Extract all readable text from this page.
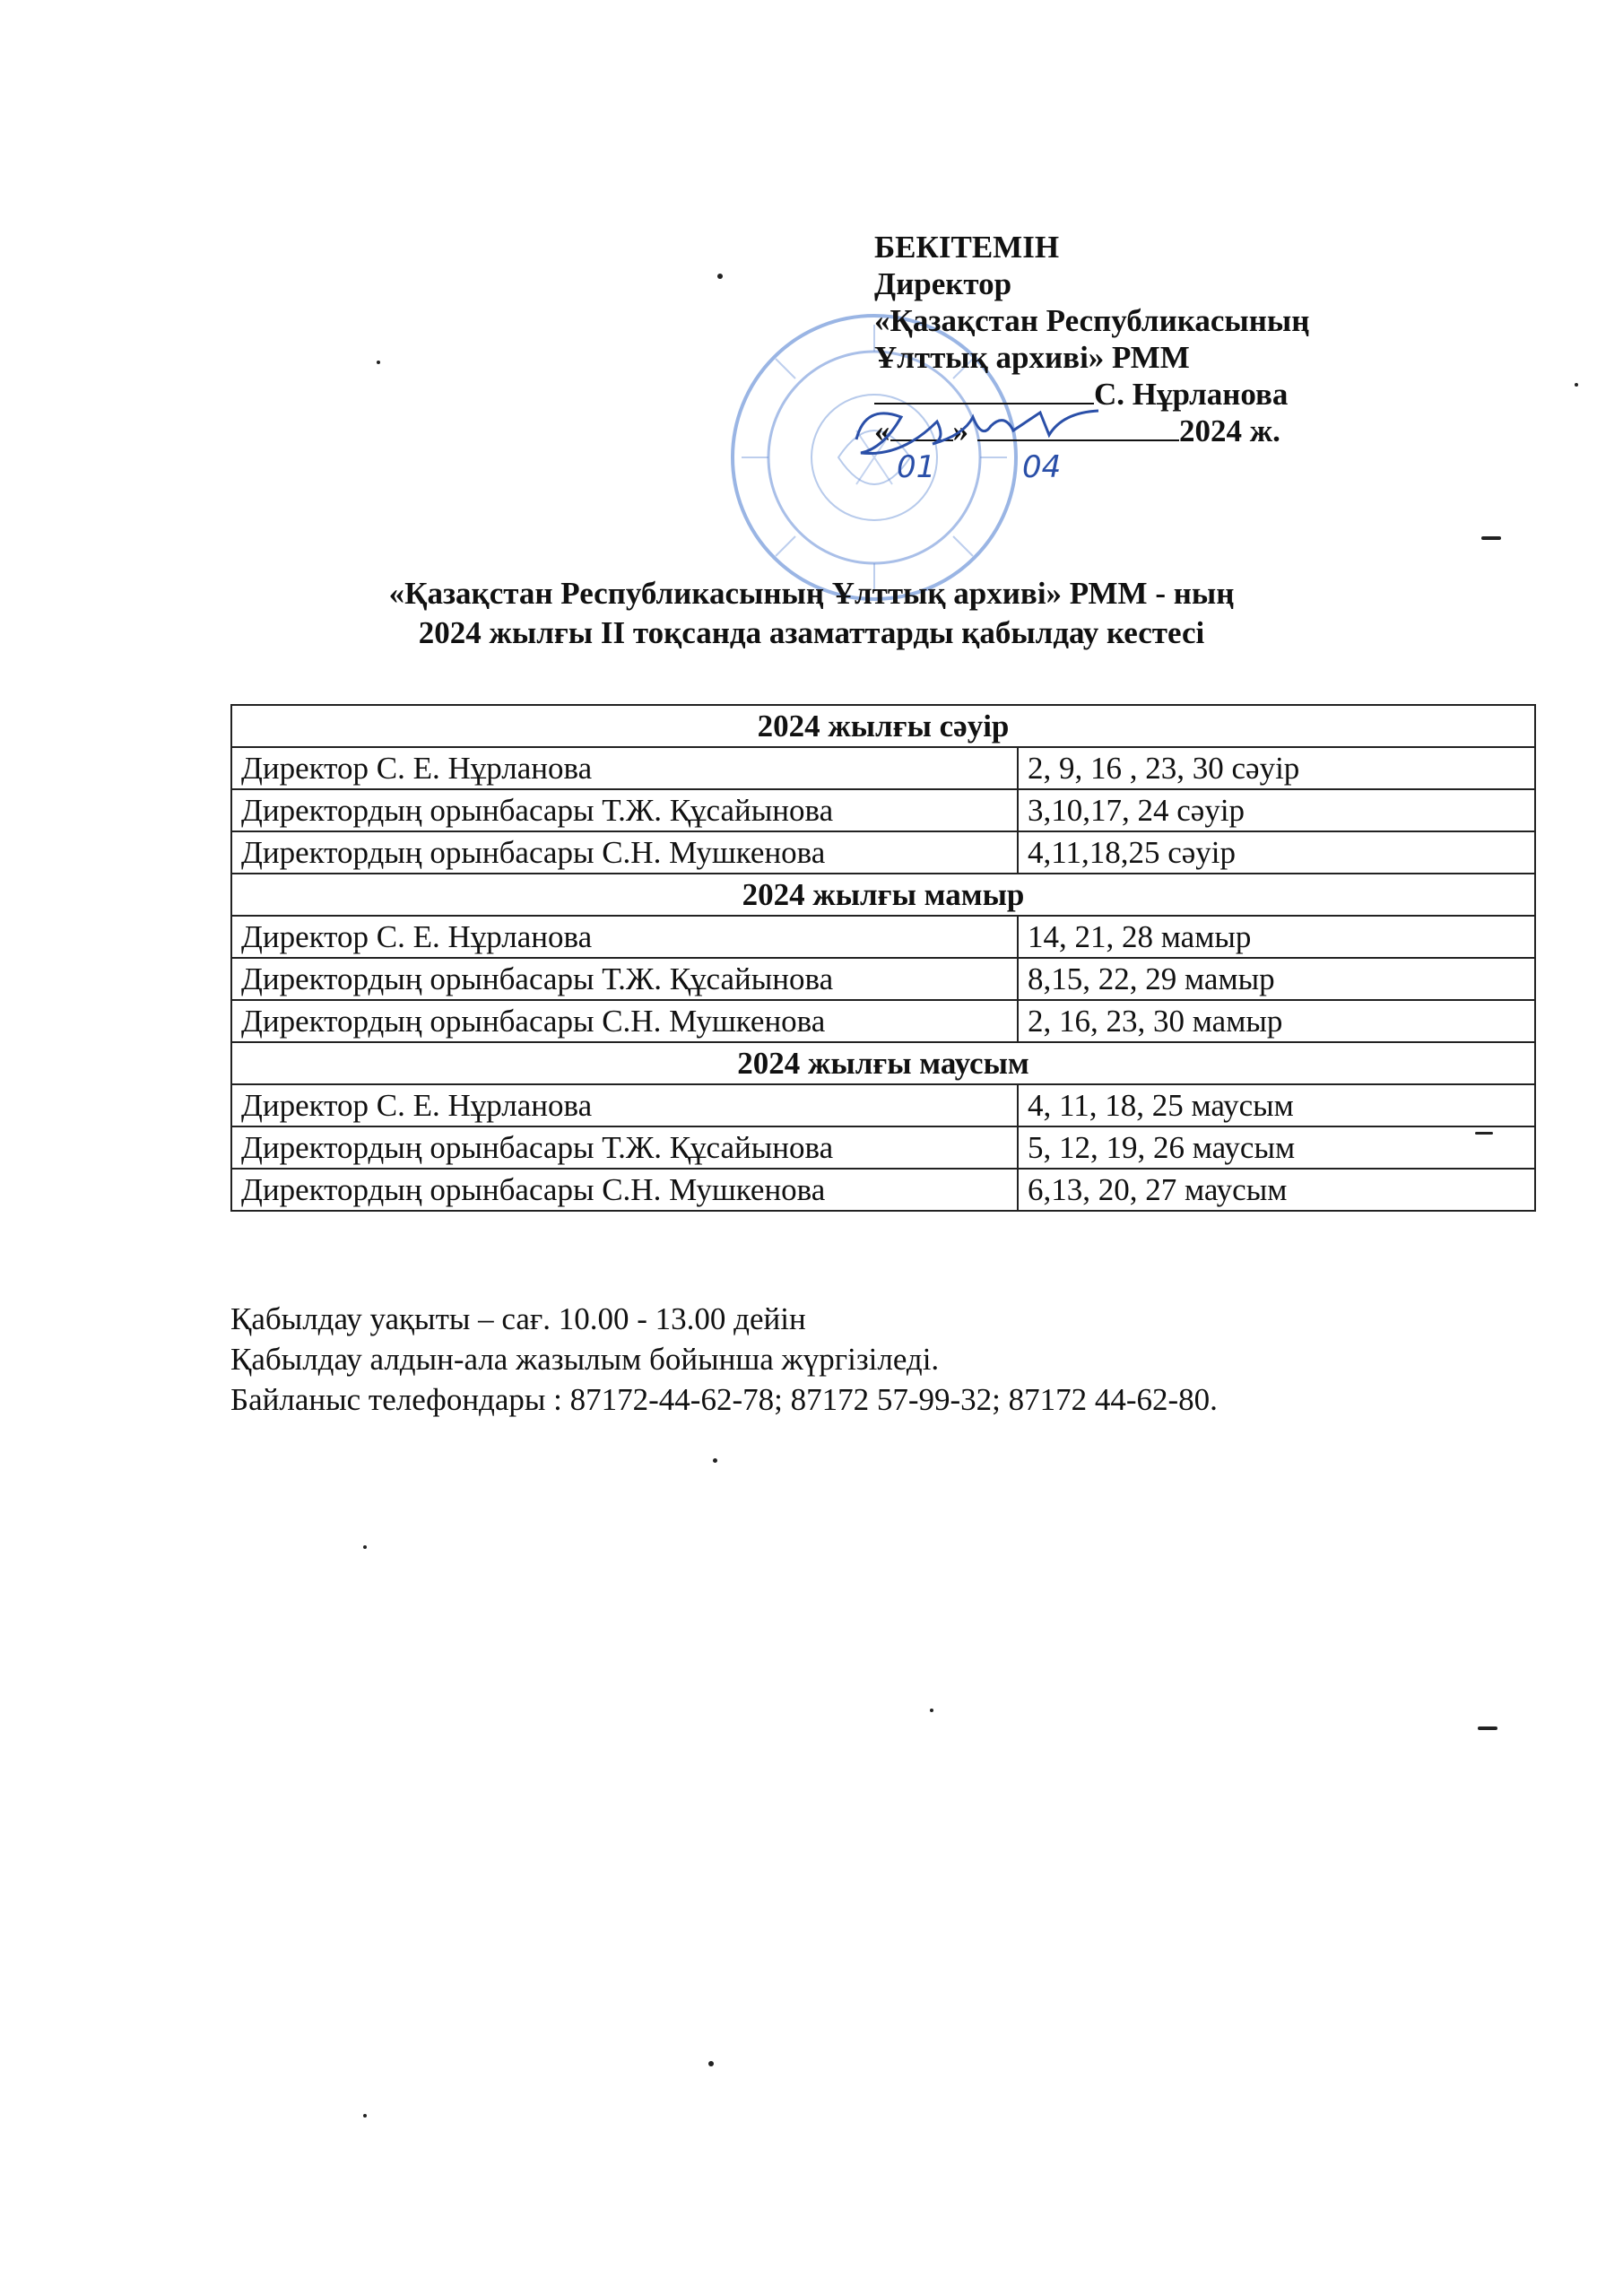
БЕКІТЕМІН
Директор
«Қазақстан Республикасының
Ұлттық архиві» РММ
С. Нұрланова
« »	2024 ж.
01	04
«Қазақстан Республикасының Ұлттық архиві» РММ - ның
2024 жылғы II тоқсанда азаматтарды қабылдау кестесі
2024 жылғы сәуір	
Директор С. Е. Нұрланова	2, 9, 16 , 23, 30 сәуір
Директордың орынбасары Т.Ж. Құсайынова	3,10,17, 24 сәуір
Директордың орынбасары С.Н. Мушкенова	4,11,18,25 сәуір
2024 жылғы мамыр	
Директор С. Е. Нұрланова	14, 21, 28 мамыр
Директордың орынбасары Т.Ж. Құсайынова	8,15, 22, 29 мамыр
Директордың орынбасары С.Н. Мушкенова	2, 16, 23, 30 мамыр
2024 жылғы маусым	
Директор С. Е. Нұрланова	4, 11, 18, 25 маусым
Директордың орынбасары Т.Ж. Құсайынова	5, 12, 19, 26 маусым
Директордың орынбасары С.Н. Мушкенова	6,13, 20, 27 маусым
Қабылдау уақыты – сағ. 10.00 - 13.00 дейін
Қабылдау алдын-ала жазылым бойынша жүргізіледі.
Байланыс телефондары : 87172-44-62-78; 87172 57-99-32; 87172 44-62-80.
